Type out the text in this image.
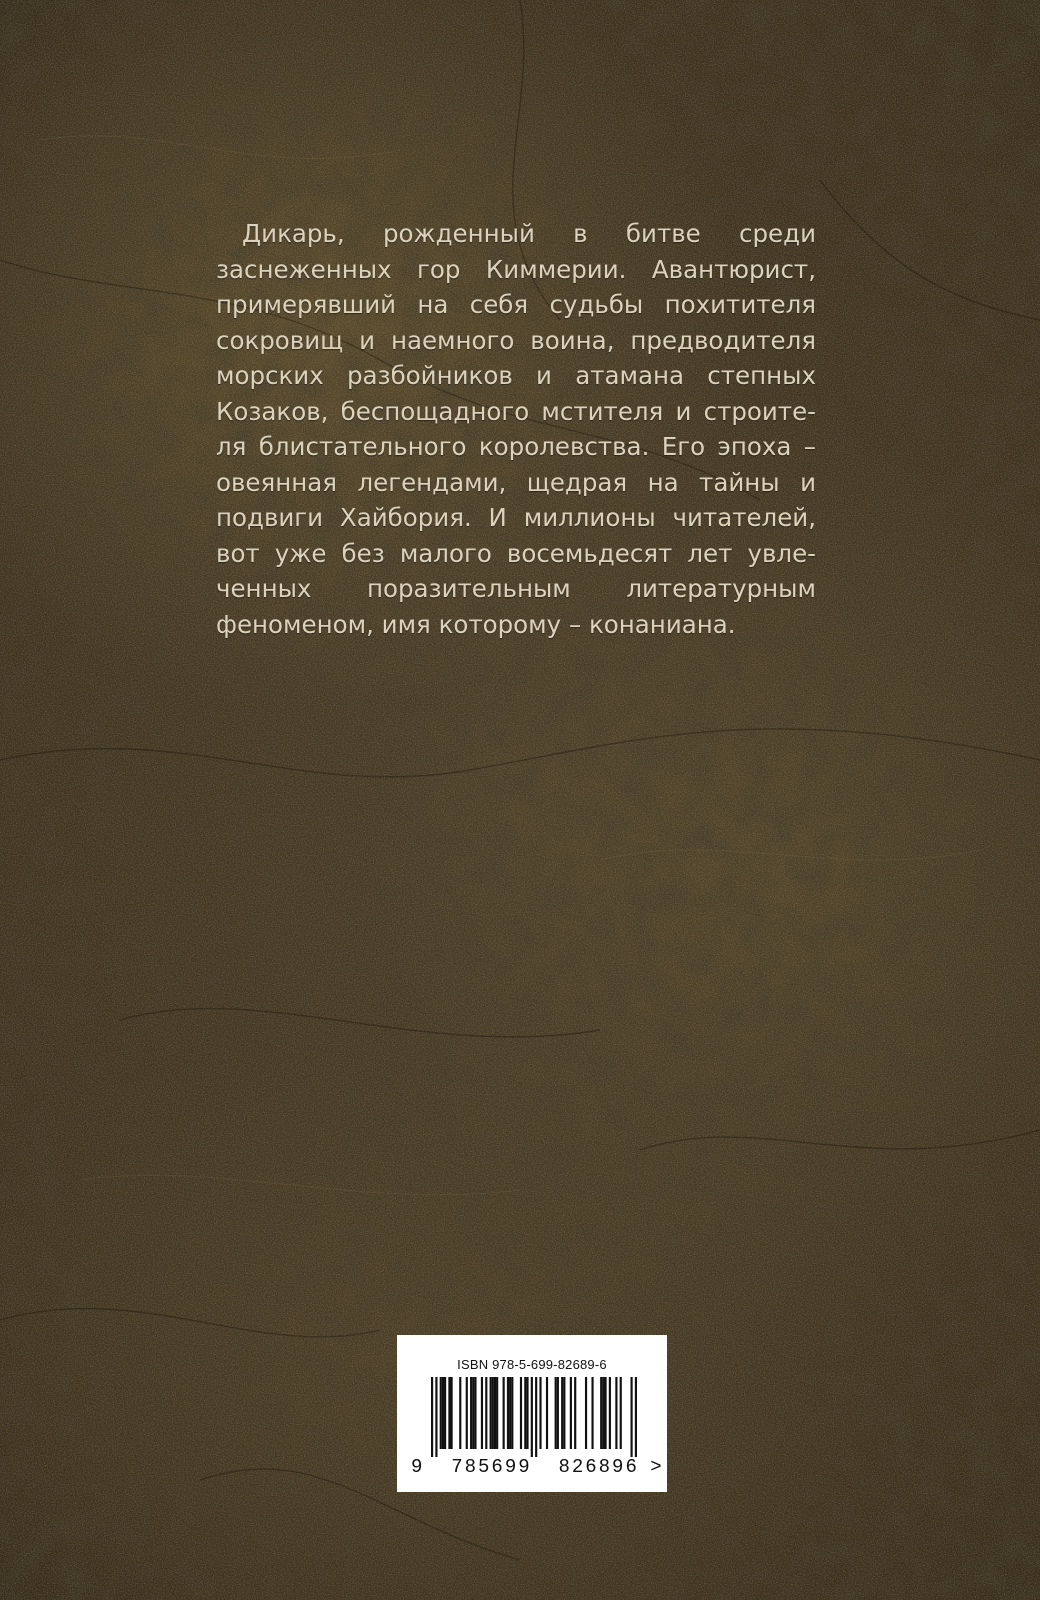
Дикарь, рожденный в битве среди заснеженных гор Киммерии. Авантюрист, примерявший на себя судьбы похитителя сокровищ и наемного воина, предводителя морских разбойников и атамана степных Козаков, беспощадного мстителя и строителя блистательного королевства. Его эпоха – овеянная легендами, щедрая на тайны и подвиги Хайбория. И миллионы читателей, вот уже без малого восемьдесят лет увлеченных поразительным литературным феноменом, имя которому – конаниана.

ISBN 978-5-699-82689-6
9 785699 826896 >
